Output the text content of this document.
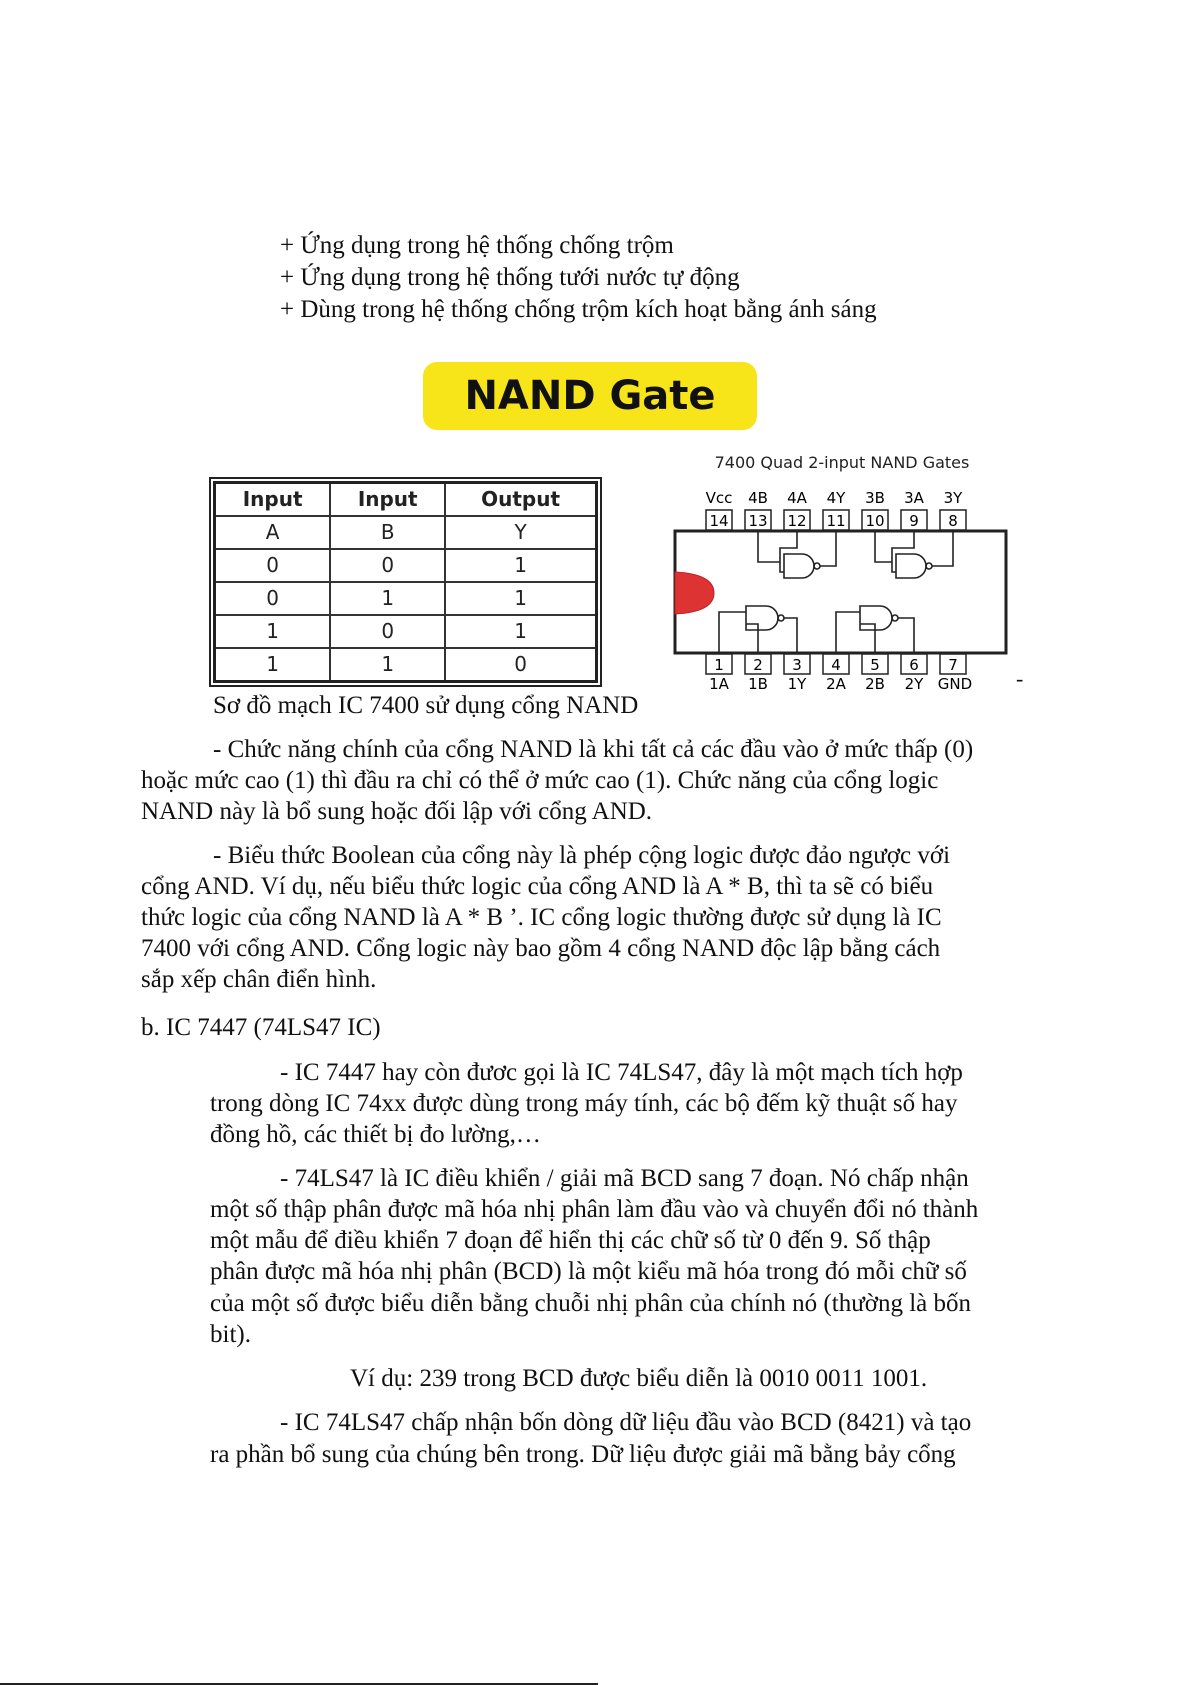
+ Ứng dụng trong hệ thống chống trộm
+ Ứng dụng trong hệ thống tưới nước tự động
+ Dùng trong hệ thống chống trộm kích hoạt bằng ánh sáng
NAND Gate
Input	Input	Output
A	B	Y
0	0	1
0	1	1
1	0	1
1	1	0
7400 Quad 2-input NAND Gates
Vcc
14
4B
13
4A
12
4Y
11
3B
10
3A
9
3Y
8
1
1A
2
1B
3
1Y
4
2A
5
2B
6
2Y
7
GND -
Sơ đồ mạch IC 7400 sử dụng cổng NAND
- Chức năng chính của cổng NAND là khi tất cả các đầu vào ở mức thấp (0)
hoặc mức cao (1) thì đầu ra chỉ có thể ở mức cao (1). Chức năng của cổng logic
NAND này là bổ sung hoặc đối lập với cổng AND.
- Biểu thức Boolean của cổng này là phép cộng logic được đảo ngược với
cổng AND. Ví dụ, nếu biểu thức logic của cổng AND là A * B, thì ta sẽ có biểu
thức logic của cổng NAND là A * B ’. IC cổng logic thường được sử dụng là IC
7400 với cổng AND. Cổng logic này bao gồm 4 cổng NAND độc lập bằng cách
sắp xếp chân điển hình.
b. IC 7447 (74LS47 IC)
- IC 7447 hay còn đươc gọi là IC 74LS47, đây là một mạch tích hợp
trong dòng IC 74xx được dùng trong máy tính, các bộ đếm kỹ thuật số hay
đồng hồ, các thiết bị đo lường,…
- 74LS47 là IC điều khiển / giải mã BCD sang 7 đoạn. Nó chấp nhận
một số thập phân được mã hóa nhị phân làm đầu vào và chuyển đổi nó thành
một mẫu để điều khiển 7 đoạn để hiển thị các chữ số từ 0 đến 9. Số thập
phân được mã hóa nhị phân (BCD) là một kiểu mã hóa trong đó mỗi chữ số
của một số được biểu diễn bằng chuỗi nhị phân của chính nó (thường là bốn
bit).
Ví dụ: 239 trong BCD được biểu diễn là 0010 0011 1001.
- IC 74LS47 chấp nhận bốn dòng dữ liệu đầu vào BCD (8421) và tạo
ra phần bổ sung của chúng bên trong. Dữ liệu được giải mã bằng bảy cổng
